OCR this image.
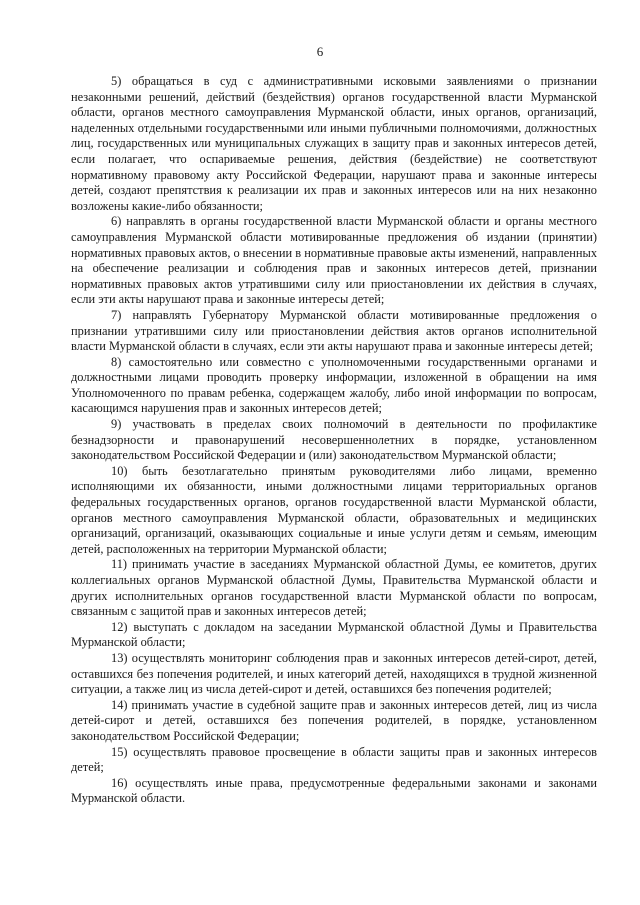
6

5) обращаться в суд с административными исковыми заявлениями о признании незаконными решений, действий (бездействия) органов государственной власти Мурманской области, органов местного самоуправления Мурманской области, иных органов, организаций, наделенных отдельными государственными или иными публичными полномочиями, должностных лиц, государственных или муниципальных служащих в защиту прав и законных интересов детей, если полагает, что оспариваемые решения, действия (бездействие) не соответствуют нормативному правовому акту Российской Федерации, нарушают права и законные интересы детей, создают препятствия к реализации их прав и законных интересов или на них незаконно возложены какие-либо обязанности;

6) направлять в органы государственной власти Мурманской области и органы местного самоуправления Мурманской области мотивированные предложения об издании (принятии) нормативных правовых актов, о внесении в нормативные правовые акты изменений, направленных на обеспечение реализации и соблюдения прав и законных интересов детей, признании нормативных правовых актов утратившими силу или приостановлении их действия в случаях, если эти акты нарушают права и законные интересы детей;

7) направлять Губернатору Мурманской области мотивированные предложения о признании утратившими силу или приостановлении действия актов органов исполнительной власти Мурманской области в случаях, если эти акты нарушают права и законные интересы детей;

8) самостоятельно или совместно с уполномоченными государственными органами и должностными лицами проводить проверку информации, изложенной в обращении на имя Уполномоченного по правам ребенка, содержащем жалобу, либо иной информации по вопросам, касающимся нарушения прав и законных интересов детей;

9) участвовать в пределах своих полномочий в деятельности по профилактике безнадзорности и правонарушений несовершеннолетних в порядке, установленном законодательством Российской Федерации и (или) законодательством Мурманской области;

10) быть безотлагательно принятым руководителями либо лицами, временно исполняющими их обязанности, иными должностными лицами территориальных органов федеральных государственных органов, органов государственной власти Мурманской области, органов местного самоуправления Мурманской области, образовательных и медицинских организаций, организаций, оказывающих социальные и иные услуги детям и семьям, имеющим детей, расположенных на территории Мурманской области;

11) принимать участие в заседаниях Мурманской областной Думы, ее комитетов, других коллегиальных органов Мурманской областной Думы, Правительства Мурманской области и других исполнительных органов государственной власти Мурманской области по вопросам, связанным с защитой прав и законных интересов детей;

12) выступать с докладом на заседании Мурманской областной Думы и Правительства Мурманской области;

13) осуществлять мониторинг соблюдения прав и законных интересов детей-сирот, детей, оставшихся без попечения родителей, и иных категорий детей, находящихся в трудной жизненной ситуации, а также лиц из числа детей-сирот и детей, оставшихся без попечения родителей;

14) принимать участие в судебной защите прав и законных интересов детей, лиц из числа детей-сирот и детей, оставшихся без попечения родителей, в порядке, установленном законодательством Российской Федерации;

15) осуществлять правовое просвещение в области защиты прав и законных интересов детей;

16) осуществлять иные права, предусмотренные федеральными законами и законами Мурманской области.
